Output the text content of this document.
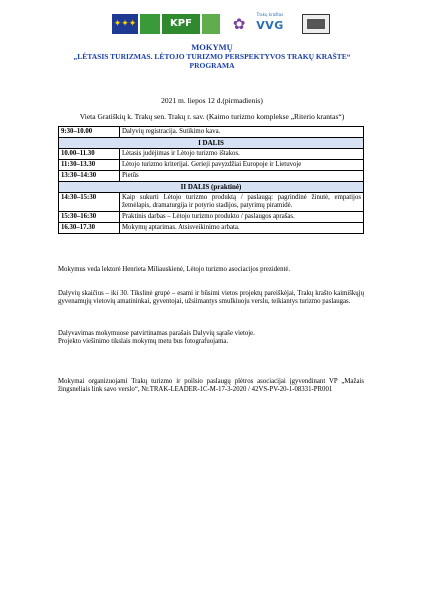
✦✦✦	KPF	✿
Trakų kraštas
VVG
MOKYMŲ
„LĖTASIS TURIZMAS. LĖTOJO TURIZMO PERSPEKTYVOS TRAKŲ KRAŠTE“
PROGRAMA
2021 m. liepos 12 d.(pirmadienis)
Vieta Gratiškių k. Trakų sen. Trakų r. sav. (Kaimo turizmo komplekse „Riterio krantas“)
9:30–10.00	Dalyvių registracija. Sutikimo kava.
I DALIS	
10.00–11.30	Lėtasis judėjimas ir Lėtojo turizmo ištakos.
11:30–13.30	Lėtojo turizmo kriterijai. Gerieji pavyzdžiai Europoje ir Lietuvoje
13:30–14:30	Pietūs
II DALIS (praktinė)	
14:30–15:30	Kaip sukurti Lėtojo turizmo produktą / paslaugą: pagrindinė žinutė, empatijos žemėlapis, dramaturgija ir potyrio stadijos, patyrimų piramidė.
15:30–16:30	Praktinis darbas – Lėtojo turizmo produkto / paslaugos aprašas.
16.30–17.30	Mokymų aptarimas. Atsisveikinimo arbata.
Mokymus veda lektorė Henrieta Miliauskienė, Lėtojo turizmo asociacijos prezidentė.
Dalyvių skaičius – iki 30. Tikslinė grupė – esami ir būsimi vietos projektų pareiškėjai, Trakų krašto kaimiškųjų gyvenamųjų vietovių amatininkai, gyventojai, užsiimantys smulkiuoju verslu, teikiantys turizmo paslaugas.
Dalyvavimas mokymuose patvirtinamas parašais Dalyvių sąraše vietoje.
Projekto viešinimo tikslais mokymų metu bus fotografuojama.
Mokymai organizuojami Trakų turizmo ir poilsio paslaugų plėtros asociacijai įgyvendinant VP „Mažais žingsneliais link savo verslo“, Nr.TRAK-LEADER-1C-M-17-3-2020 / 42VS-PV-20-1-08331-PR001
